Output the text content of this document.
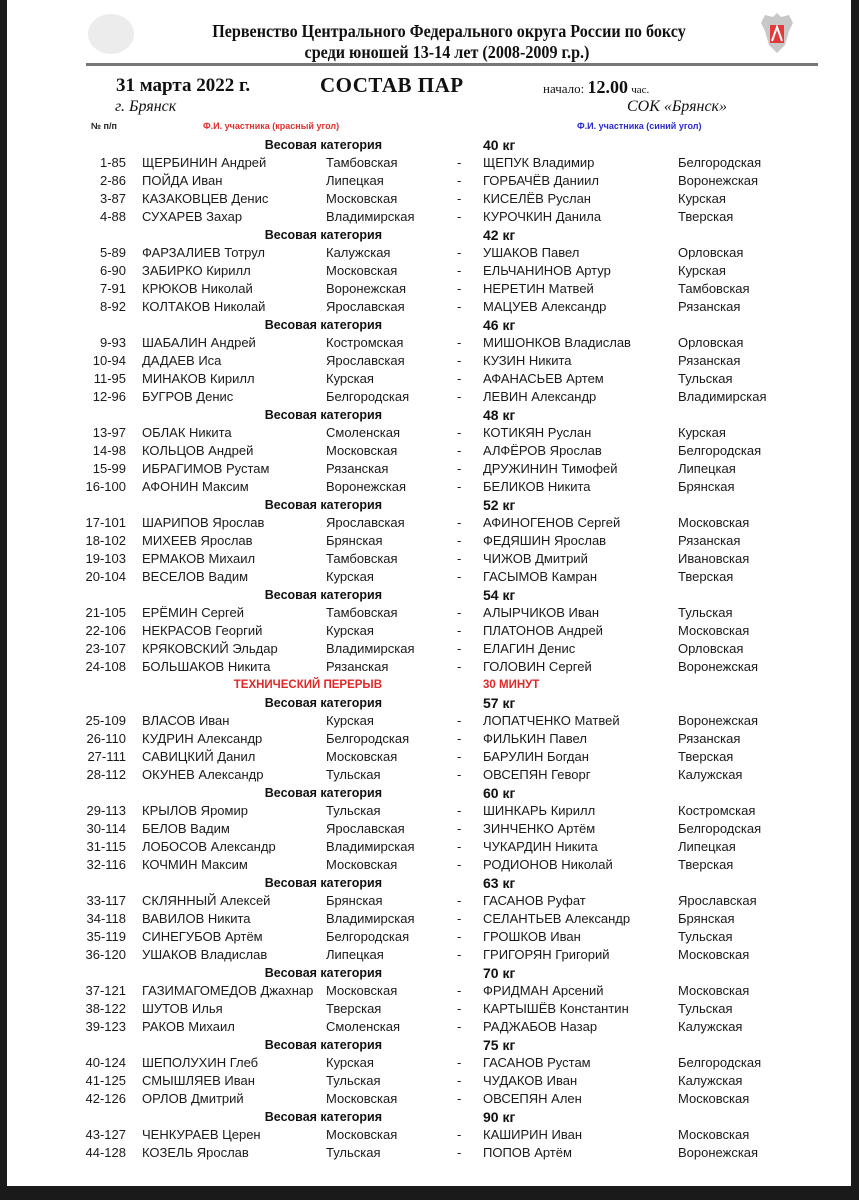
Первенство Центрального Федерального округа России по боксу
среди юношей 13-14 лет (2008-2009 г.р.)
31 марта 2022 г.	СОСТАВ ПАР	начало: 12.00 час.
г. Брянск	СОК «Брянск»
№ п/п	Ф.И. участника (красный угол)	Ф.И. участника (синий угол)
Весовая категория	40 кг
1-85 ЩЕРБИНИН Андрей	Тамбовская	- ЩЕПУК Владимир	Белгородская
2-86 ПОЙДА Иван	Липецкая	- ГОРБАЧЁВ Даниил	Воронежская
3-87 КАЗАКОВЦЕВ Денис	Московская	- КИСЕЛЁВ Руслан	Курская
4-88 СУХАРЕВ Захар	Владимирская	- КУРОЧКИН Данила	Тверская
Весовая категория	42 кг
5-89 ФАРЗАЛИЕВ Тотрул	Калужская	- УШАКОВ Павел	Орловская
6-90 ЗАБИРКО Кирилл	Московская	- ЕЛЬЧАНИНОВ Артур	Курская
7-91 КРЮКОВ Николай	Воронежская	- НЕРЕТИН Матвей	Тамбовская
8-92 КОЛТАКОВ Николай	Ярославская	- МАЦУЕВ Александр	Рязанская
Весовая категория	46 кг
9-93 ШАБАЛИН Андрей	Костромская	- МИШОНКОВ Владислав	Орловская
10-94 ДАДАЕВ Иса	Ярославская	- КУЗИН Никита	Рязанская
11-95 МИНАКОВ Кирилл	Курская	- АФАНАСЬЕВ Артем	Тульская
12-96 БУГРОВ Денис	Белгородская	- ЛЕВИН Александр	Владимирская
Весовая категория	48 кг
13-97 ОБЛАК Никита	Смоленская	- КОТИКЯН Руслан	Курская
14-98 КОЛЬЦОВ Андрей	Московская	- АЛФЁРОВ Ярослав	Белгородская
15-99 ИБРАГИМОВ Рустам	Рязанская	- ДРУЖИНИН Тимофей	Липецкая
16-100 АФОНИН Максим	Воронежская	- БЕЛИКОВ Никита	Брянская
Весовая категория	52 кг
17-101 ШАРИПОВ Ярослав	Ярославская	- АФИНОГЕНОВ Сергей	Московская
18-102 МИХЕЕВ Ярослав	Брянская	- ФЕДЯШИН Ярослав	Рязанская
19-103 ЕРМАКОВ Михаил	Тамбовская	- ЧИЖОВ Дмитрий	Ивановская
20-104 ВЕСЕЛОВ Вадим	Курская	- ГАСЫМОВ Камран	Тверская
Весовая категория	54 кг
21-105 ЕРЁМИН Сергей	Тамбовская	- АЛЫРЧИКОВ Иван	Тульская
22-106 НЕКРАСОВ Георгий	Курская	- ПЛАТОНОВ Андрей	Московская
23-107 КРЯКОВСКИЙ Эльдар	Владимирская	- ЕЛАГИН Денис	Орловская
24-108 БОЛЬШАКОВ Никита	Рязанская	- ГОЛОВИН Сергей	Воронежская
ТЕХНИЧЕСКИЙ ПЕРЕРЫВ	30 МИНУТ
Весовая категория	57 кг
25-109 ВЛАСОВ Иван	Курская	- ЛОПАТЧЕНКО Матвей	Воронежская
26-110 КУДРИН Александр	Белгородская	- ФИЛЬКИН Павел	Рязанская
27-111 САВИЦКИЙ Данил	Московская	- БАРУЛИН Богдан	Тверская
28-112 ОКУНЕВ Александр	Тульская	- ОВСЕПЯН Геворг	Калужская
Весовая категория	60 кг
29-113 КРЫЛОВ Яромир	Тульская	- ШИНКАРЬ Кирилл	Костромская
30-114 БЕЛОВ Вадим	Ярославская	- ЗИНЧЕНКО Артём	Белгородская
31-115 ЛОБОСОВ Александр	Владимирская	- ЧУКАРДИН Никита	Липецкая
32-116 КОЧМИН Максим	Московская	- РОДИОНОВ Николай	Тверская
Весовая категория	63 кг
33-117 СКЛЯННЫЙ Алексей	Брянская	- ГАСАНОВ Руфат	Ярославская
34-118 ВАВИЛОВ Никита	Владимирская	- СЕЛАНТЬЕВ Александр	Брянская
35-119 СИНЕГУБОВ Артём	Белгородская	- ГРОШКОВ Иван	Тульская
36-120 УШАКОВ Владислав	Липецкая	- ГРИГОРЯН Григорий	Московская
Весовая категория	70 кг
37-121 ГАЗИМАГОМЕДОВ Джахнар Московская	- ФРИДМАН Арсений	Московская
38-122 ШУТОВ Илья	Тверская	- КАРТЫШЁВ Константин	Тульская
39-123 РАКОВ Михаил	Смоленская	- РАДЖАБОВ Назар	Калужская
Весовая категория	75 кг
40-124 ШЕПОЛУХИН Глеб	Курская	- ГАСАНОВ Рустам	Белгородская
41-125 СМЫШЛЯЕВ Иван	Тульская	- ЧУДАКОВ Иван	Калужская
42-126 ОРЛОВ Дмитрий	Московская	- ОВСЕПЯН Ален	Московская
Весовая категория	90 кг
43-127 ЧЕНКУРАЕВ Церен	Московская	- КАШИРИН Иван	Московская
44-128 КОЗЕЛЬ Ярослав	Тульская	- ПОПОВ Артём	Воронежская
